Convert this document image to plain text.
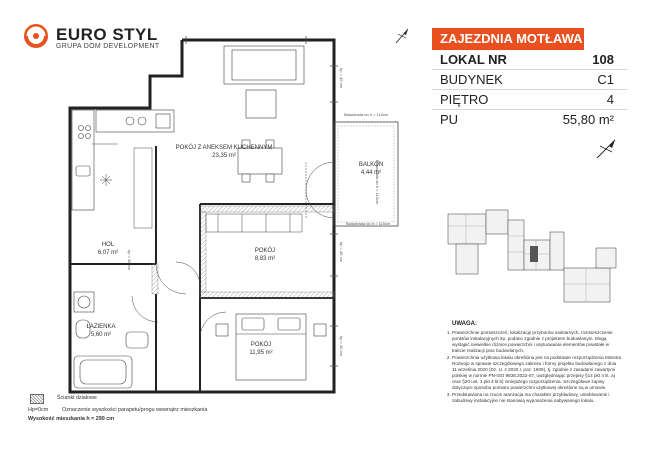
EURO STYL
GRUPA DOM DEVELOPMENT
ZAJEZDNIA MOTŁAWA
LOKAL NR	108
BUDYNEK	C1
PIĘTRO	4
PU	55,80 m²
POKÓJ Z ANEKSEM KUCHENNYM
23,35 m²
BALKON
4,44 m²
HOL
6,07 m²	POKÓJ
8,83 m²
ŁAZIENKA
5,60 m²
POKÓJ
11,95 m²
Balustrada do h = 110cm
Balustrada do h = 110cm
Balustrada do h = 110cm
hp = 45 cm
hp = 45 cm
hp = 45 cm
hp = 45 cm
UWAGA:
1. Powierzchnie pomieszczeń, lokalizację przyborów sanitarnych, rozmieszczenie punktów instalacyjnych itp. podano zgodnie z projektem budowlanym. Mogą wystąpić niewielkie różnice powierzchni i usytuowania elementów powstałe w trakcie realizacji prac budowlanych.
2. Powierzchnia użytkowa lokalu określona jest na podstawie rozporządzenia Ministra Rozwoju w sprawie szczegółowego zakresu i formy projektu budowlanego z dnia 11 września 2020 (Dz. U. z 2020 r. poz. 1609), tj. zgodnie z zasadami zawartymi polskiej w normie PN-ISO 9836:2022-07, uwzględniając przepisy §14 pkt 4 lit. a) oraz §20 ust. 1 pkt 4 lit b) niniejszego rozporządzenia. Szczegółowe zapisy dotyczące sposobu pomiaru powierzchni użytkowej określone są w umowie.
3. Przedstawiona na rzucie aranżacja ma charakter przykładowy, umeblowanie i zabudowy instalacyjne nie stanowią wyposażenia nabywanego lokalu.
Ścianki działowe
Hp=0cm	Oznaczenie wysokości parapetu/progu wewnątrz mieszkania
Wysokość mieszkania h = 290 cm
